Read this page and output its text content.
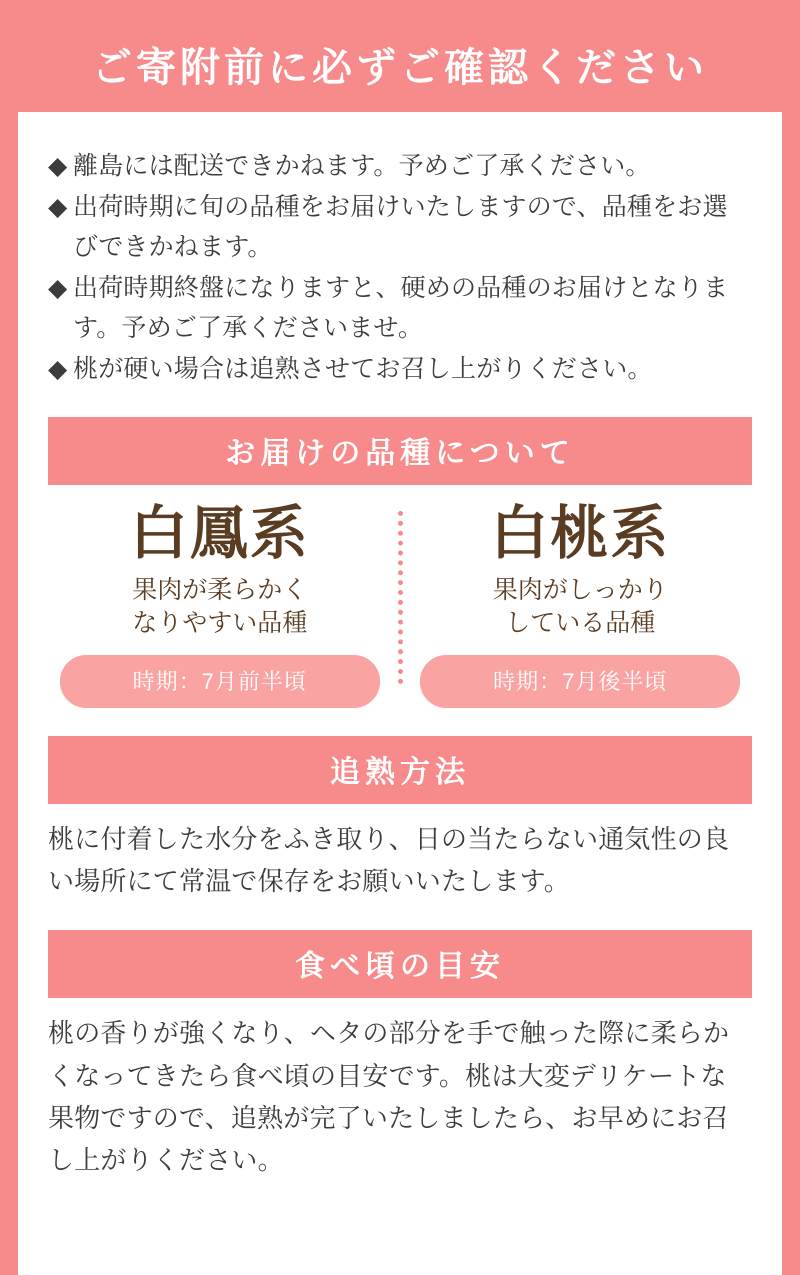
ご寄附前に必ずご確認ください
◆ 離島には配送できかねます。予めご了承ください。
◆ 出荷時期に旬の品種をお届けいたしますので、品種をお選びできかねます。
◆ 出荷時期終盤になりますと、硬めの品種のお届けとなります。予めご了承くださいませ。
◆ 桃が硬い場合は追熟させてお召し上がりください。
お届けの品種について
白鳳系
果肉が柔らかく
なりやすい品種
時期：7月前半頃
白桃系
果肉がしっかり
している品種
時期：7月後半頃
追熟方法
桃に付着した水分をふき取り、日の当たらない通気性の良い場所にて常温で保存をお願いいたします。
食べ頃の目安
桃の香りが強くなり、ヘタの部分を手で触った際に柔らかくなってきたら食べ頃の目安です。桃は大変デリケートな果物ですので、追熟が完了いたしましたら、お早めにお召し上がりください。
